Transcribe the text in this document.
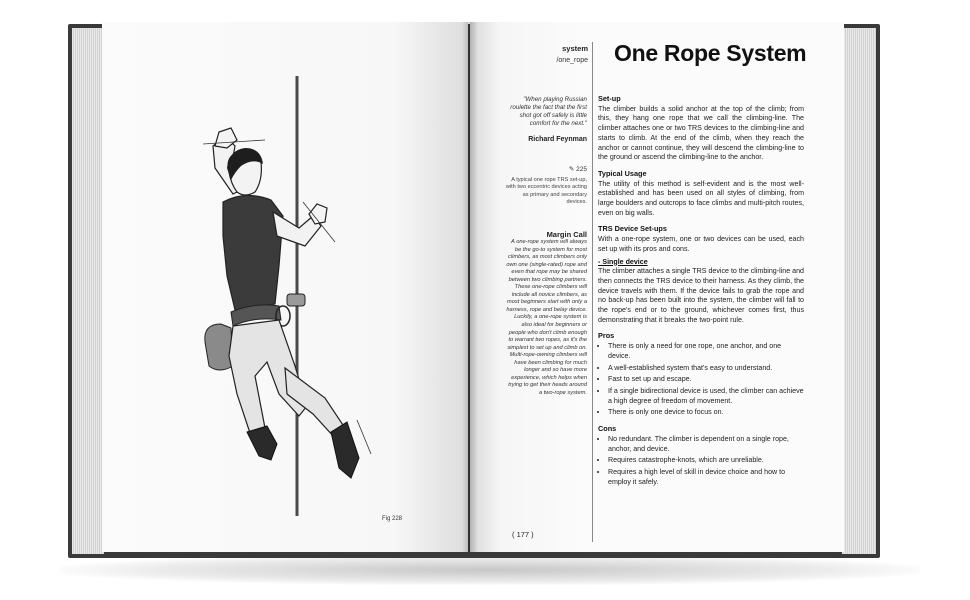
Fig 228
system
/one_rope One Rope System
"When playing Russian roulette the fact that the first shot got off safely is little comfort for the next."
Richard Feynman
✎ 225
A typical one rope TRS set-up, with two eccentric devices acting as primary and secondary devices.
Margin Call
A one-rope system will always be the go-to system for most climbers, as most climbers only own one (single-rated) rope and even that rope may be shared between two climbing partners. These one-rope climbers will include all novice climbers, as most beginners start with only a harness, rope and belay device. Luckily, a one-rope system is also ideal for beginners or people who don't climb enough to warrant two ropes, as it's the simplest to set up and climb on. Multi-rope-owning climbers will have been climbing for much longer and so have more experience, which helps when trying to get their heads around a two-rope system.
( 177 )
Set-up

The climber builds a solid anchor at the top of the climb; from this, they hang one rope that we call the climbing-line. The climber attaches one or two TRS devices to the climbing-line and starts to climb. At the end of the climb, when they reach the anchor or cannot continue, they will descend the climbing-line to the ground or ascend the climbing-line to the anchor.

Typical Usage

The utility of this method is self-evident and is the most well-established and has been used on all styles of climbing, from large boulders and outcrops to face climbs and multi-pitch routes, even on big walls.

TRS Device Set-ups

With a one-rope system, one or two devices can be used, each set up with its pros and cons.

- Single device

The climber attaches a single TRS device to the climbing-line and then connects the TRS device to their harness. As they climb, the device travels with them. If the device fails to grab the rope and no back-up has been built into the system, the climber will fall to the rope's end or to the ground, whichever comes first, thus demonstrating that it breaks the two-point rule.

Pros
• There is only a need for one rope, one anchor, and one device.
• A well-established system that's easy to understand.
• Fast to set up and escape.
• If a single bidirectional device is used, the climber can achieve a high degree of freedom of movement.
• There is only one device to focus on.
Cons
• No redundant. The climber is dependent on a single rope, anchor, and device.
• Requires catastrophe-knots, which are unreliable.
• Requires a high level of skill in device choice and how to employ it safely.
